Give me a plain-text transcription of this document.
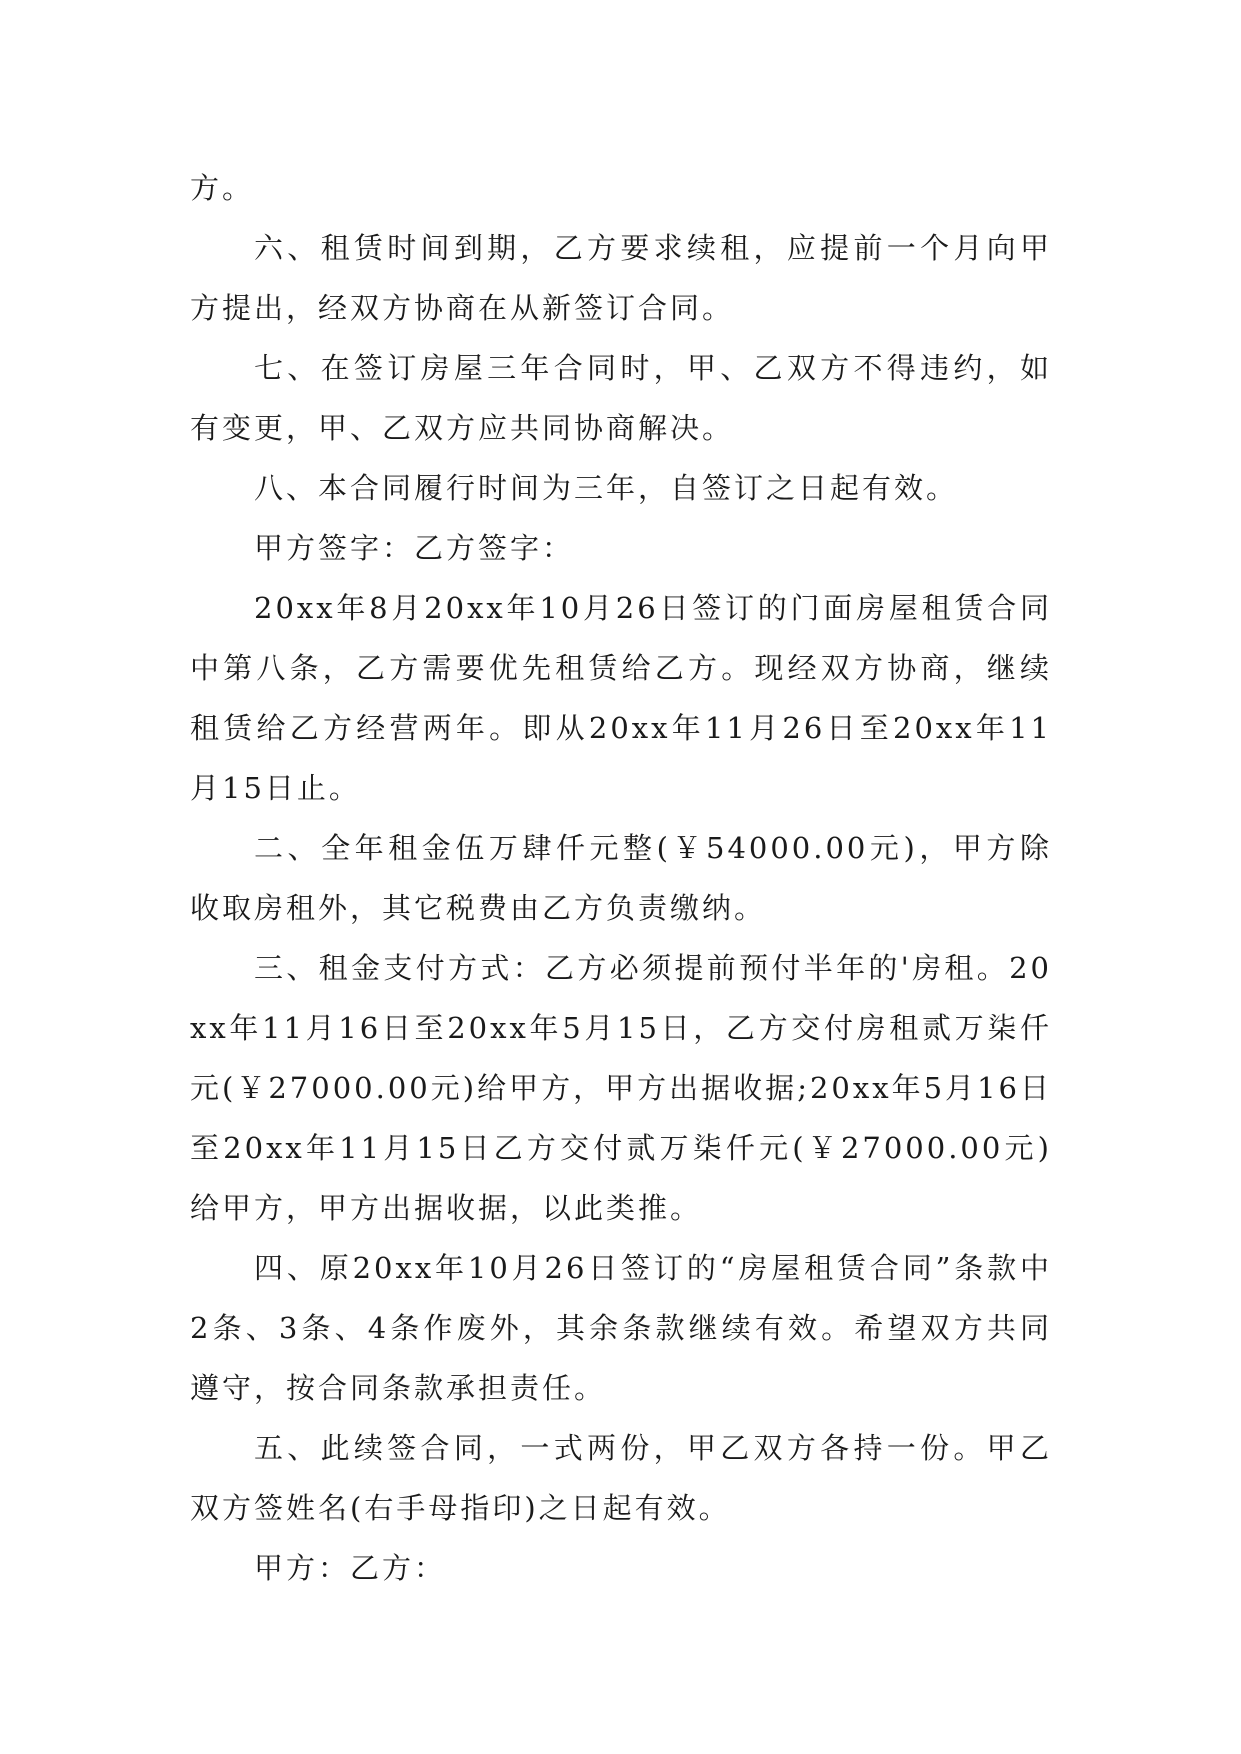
方。

六、租赁时间到期，乙方要求续租，应提前一个月向甲方提出，经双方协商在从新签订合同。

七、在签订房屋三年合同时，甲、乙双方不得违约，如有变更，甲、乙双方应共同协商解决。

八、本合同履行时间为三年，自签订之日起有效。

甲方签字：乙方签字：

20xx年8月20xx年10月26日签订的门面房屋租赁合同中第八条，乙方需要优先租赁给乙方。现经双方协商，继续租赁给乙方经营两年。即从20xx年11月26日至20xx年11月15日止。

二、全年租金伍万肆仟元整(￥54000.00元)，甲方除收取房租外，其它税费由乙方负责缴纳。

三、租金支付方式：乙方必须提前预付半年的'房租。20xx年11月16日至20xx年5月15日，乙方交付房租贰万柒仟元(￥27000.00元)给甲方，甲方出据收据;20xx年5月16日至20xx年11月15日乙方交付贰万柒仟元(￥27000.00元)给甲方，甲方出据收据，以此类推。

四、原20xx年10月26日签订的“房屋租赁合同”条款中2条、3条、4条作废外，其余条款继续有效。希望双方共同遵守，按合同条款承担责任。

五、此续签合同，一式两份，甲乙双方各持一份。甲乙双方签姓名(右手母指印)之日起有效。

甲方：乙方：
